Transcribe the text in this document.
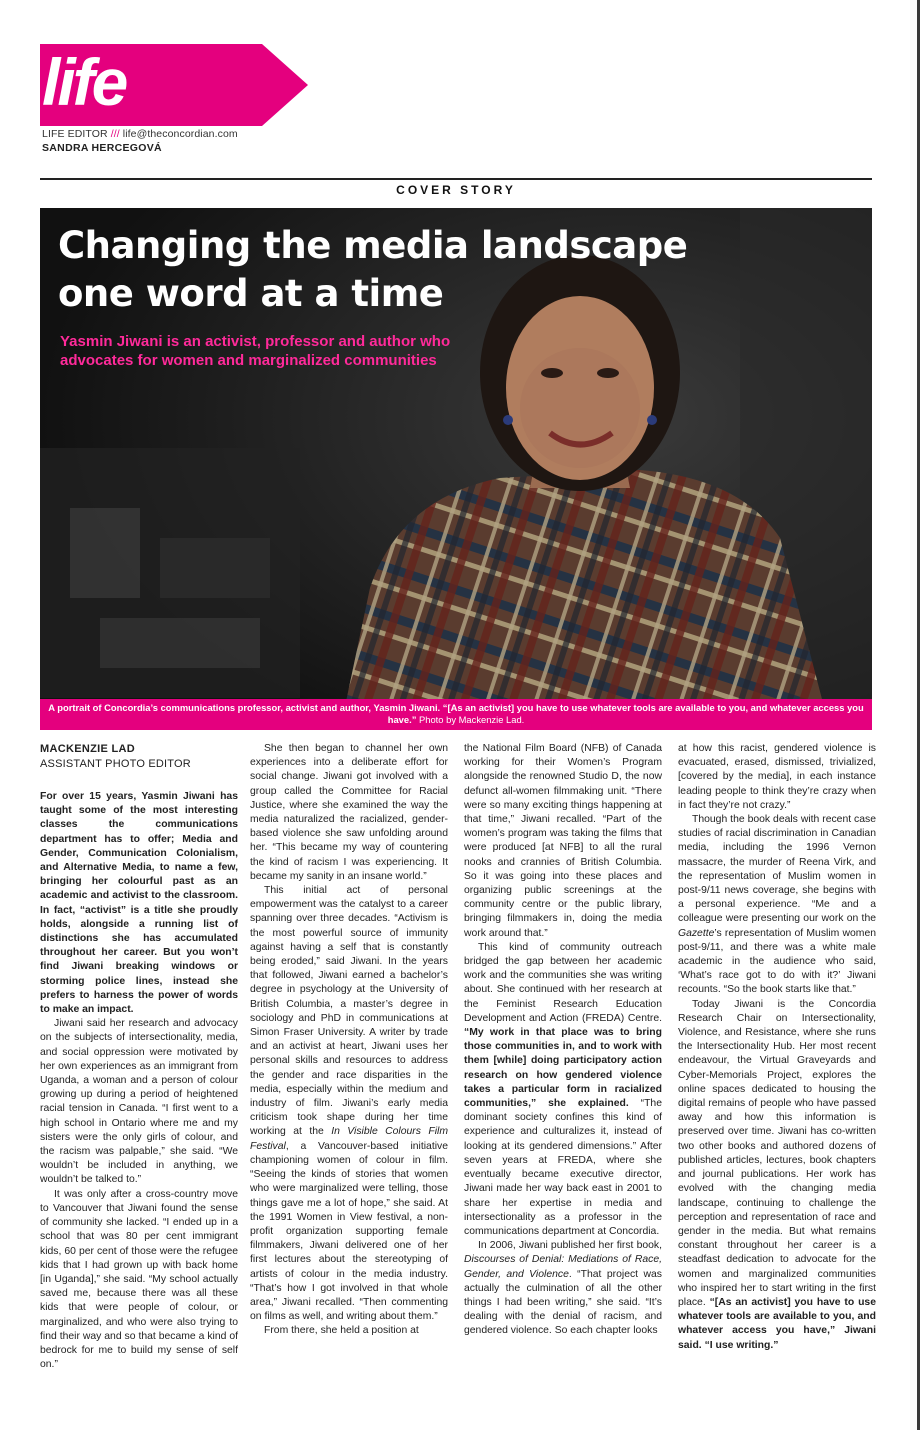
life
LIFE EDITOR /// life@theconcordian.com
SANDRA HERCEGOVÁ
COVER STORY
Changing the media landscape
one word at a time
Yasmin Jiwani is an activist, professor and author who advocates for women and marginalized communities
A portrait of Concordia’s communications professor, activist and author, Yasmin Jiwani. “[As an activist] you have to use whatever tools are available to you, and whatever access you have.” Photo by Mackenzie Lad.
MACKENZIE LAD
ASSISTANT PHOTO EDITOR

For over 15 years, Yasmin Jiwani has taught some of the most interesting classes the communications department has to offer; Media and Gender, Communication Colonialism, and Alternative Media, to name a few, bringing her colourful past as an academic and activist to the classroom. In fact, “activist” is a title she proudly holds, alongside a running list of distinctions she has accumulated throughout her career. But you won’t find Jiwani breaking windows or storming police lines, instead she prefers to harness the power of words to make an impact.

Jiwani said her research and advocacy on the subjects of intersectionality, media, and social oppression were motivated by her own experiences as an immigrant from Uganda, a woman and a person of colour growing up during a period of heightened racial tension in Canada. “I first went to a high school in Ontario where me and my sisters were the only girls of colour, and the racism was palpable,” she said. “We wouldn’t be included in anything, we wouldn’t be talked to.”

It was only after a cross-country move to Vancouver that Jiwani found the sense of community she lacked. “I ended up in a school that was 80 per cent immigrant kids, 60 per cent of those were the refugee kids that I had grown up with back home [in Uganda],” she said. “My school actually saved me, because there was all these kids that were people of colour, or marginalized, and who were also trying to find their way and so that became a kind of bedrock for me to build my sense of self on.”

She then began to channel her own experiences into a deliberate effort for social change. Jiwani got involved with a group called the Committee for Racial Justice, where she examined the way the media naturalized the racialized, gender-based violence she saw unfolding around her. “This became my way of countering the kind of racism I was experiencing. It became my sanity in an insane world.”

This initial act of personal empowerment was the catalyst to a career spanning over three decades. “Activism is the most powerful source of immunity against having a self that is constantly being eroded,” said Jiwani. In the years that followed, Jiwani earned a bachelor’s degree in psychology at the University of British Columbia, a master’s degree in sociology and PhD in communications at Simon Fraser University. A writer by trade and an activist at heart, Jiwani uses her personal skills and resources to address the gender and race disparities in the media, especially within the medium and industry of film. Jiwani’s early media criticism took shape during her time working at the In Visible Colours Film Festival, a Vancouver-based initiative championing women of colour in film. “Seeing the kinds of stories that women who were marginalized were telling, those things gave me a lot of hope,” she said. At the 1991 Women in View festival, a non-profit organization supporting female filmmakers, Jiwani delivered one of her first lectures about the stereotyping of artists of colour in the media industry. “That’s how I got involved in that whole area,” Jiwani recalled. “Then commenting on films as well, and writing about them.”

From there, she held a position at

the National Film Board (NFB) of Canada working for their Women’s Program alongside the renowned Studio D, the now defunct all-women filmmaking unit. “There were so many exciting things happening at that time,” Jiwani recalled. “Part of the women’s program was taking the films that were produced [at NFB] to all the rural nooks and crannies of British Columbia. So it was going into these places and organizing public screenings at the community centre or the public library, bringing filmmakers in, doing the media work around that.”

This kind of community outreach bridged the gap between her academic work and the communities she was writing about. She continued with her research at the Feminist Research Education Development and Action (FREDA) Centre. “My work in that place was to bring those communities in, and to work with them [while] doing participatory action research on how gendered violence takes a particular form in racialized communities,” she explained. “The dominant society confines this kind of experience and culturalizes it, instead of looking at its gendered dimensions.” After seven years at FREDA, where she eventually became executive director, Jiwani made her way back east in 2001 to share her expertise in media and intersectionality as a professor in the communications department at Concordia.

In 2006, Jiwani published her first book, Discourses of Denial: Mediations of Race, Gender, and Violence. “That project was actually the culmination of all the other things I had been writing,” she said. “It’s dealing with the denial of racism, and gendered violence. So each chapter looks

at how this racist, gendered violence is evacuated, erased, dismissed, trivialized, [covered by the media], in each instance leading people to think they’re crazy when in fact they’re not crazy.”

Though the book deals with recent case studies of racial discrimination in Canadian media, including the 1996 Vernon massacre, the murder of Reena Virk, and the representation of Muslim women in post-9/11 news coverage, she begins with a personal experience. “Me and a colleague were presenting our work on the Gazette’s representation of Muslim women post-9/11, and there was a white male academic in the audience who said, ‘What’s race got to do with it?’ Jiwani recounts. “So the book starts like that.”

Today Jiwani is the Concordia Research Chair on Intersectionality, Violence, and Resistance, where she runs the Intersectionality Hub. Her most recent endeavour, the Virtual Graveyards and Cyber-Memorials Project, explores the online spaces dedicated to housing the digital remains of people who have passed away and how this information is preserved over time. Jiwani has co-written two other books and authored dozens of published articles, lectures, book chapters and journal publications. Her work has evolved with the changing media landscape, continuing to challenge the perception and representation of race and gender in the media. But what remains constant throughout her career is a steadfast dedication to advocate for the women and marginalized communities who inspired her to start writing in the first place. “[As an activist] you have to use whatever tools are available to you, and whatever access you have,” Jiwani said. “I use writing.”
